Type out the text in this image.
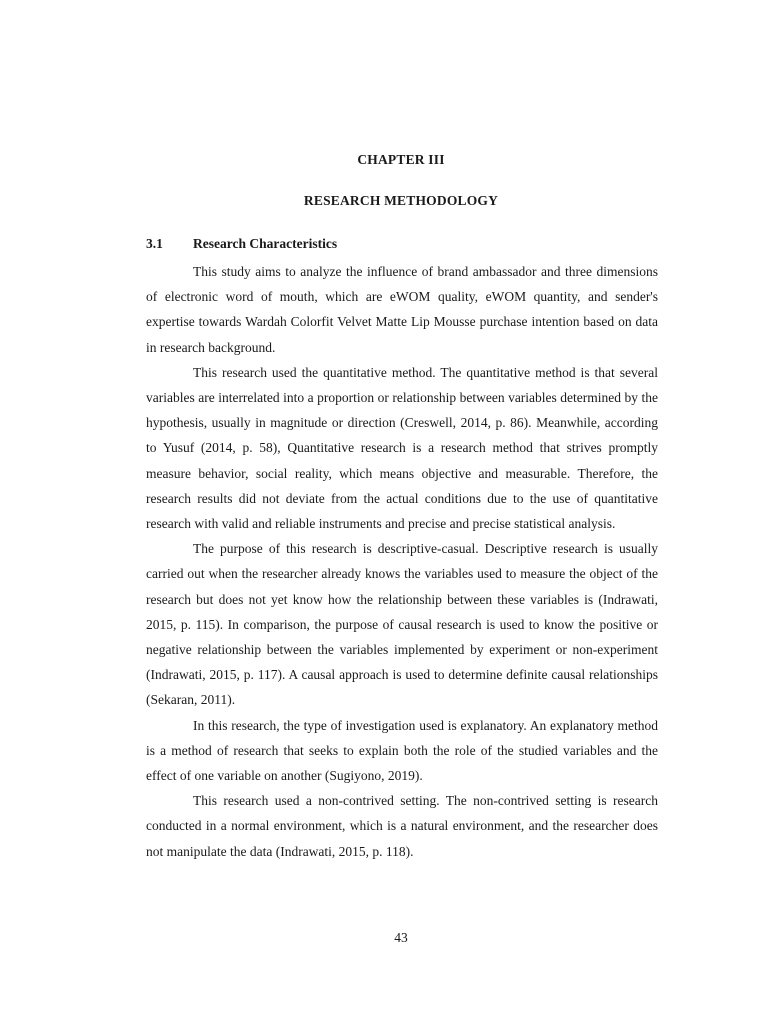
CHAPTER III
RESEARCH METHODOLOGY
3.1 Research Characteristics

This study aims to analyze the influence of brand ambassador and three dimensions of electronic word of mouth, which are eWOM quality, eWOM quantity, and sender's expertise towards Wardah Colorfit Velvet Matte Lip Mousse purchase intention based on data in research background.

This research used the quantitative method. The quantitative method is that several variables are interrelated into a proportion or relationship between variables determined by the hypothesis, usually in magnitude or direction (Creswell, 2014, p. 86). Meanwhile, according to Yusuf (2014, p. 58), Quantitative research is a research method that strives promptly measure behavior, social reality, which means objective and measurable. Therefore, the research results did not deviate from the actual conditions due to the use of quantitative research with valid and reliable instruments and precise and precise statistical analysis.

The purpose of this research is descriptive-casual. Descriptive research is usually carried out when the researcher already knows the variables used to measure the object of the research but does not yet know how the relationship between these variables is (Indrawati, 2015, p. 115). In comparison, the purpose of causal research is used to know the positive or negative relationship between the variables implemented by experiment or non-experiment (Indrawati, 2015, p. 117). A causal approach is used to determine definite causal relationships (Sekaran, 2011).

In this research, the type of investigation used is explanatory. An explanatory method is a method of research that seeks to explain both the role of the studied variables and the effect of one variable on another (Sugiyono, 2019).

This research used a non-contrived setting. The non-contrived setting is research conducted in a normal environment, which is a natural environment, and the researcher does not manipulate the data (Indrawati, 2015, p. 118).

43
